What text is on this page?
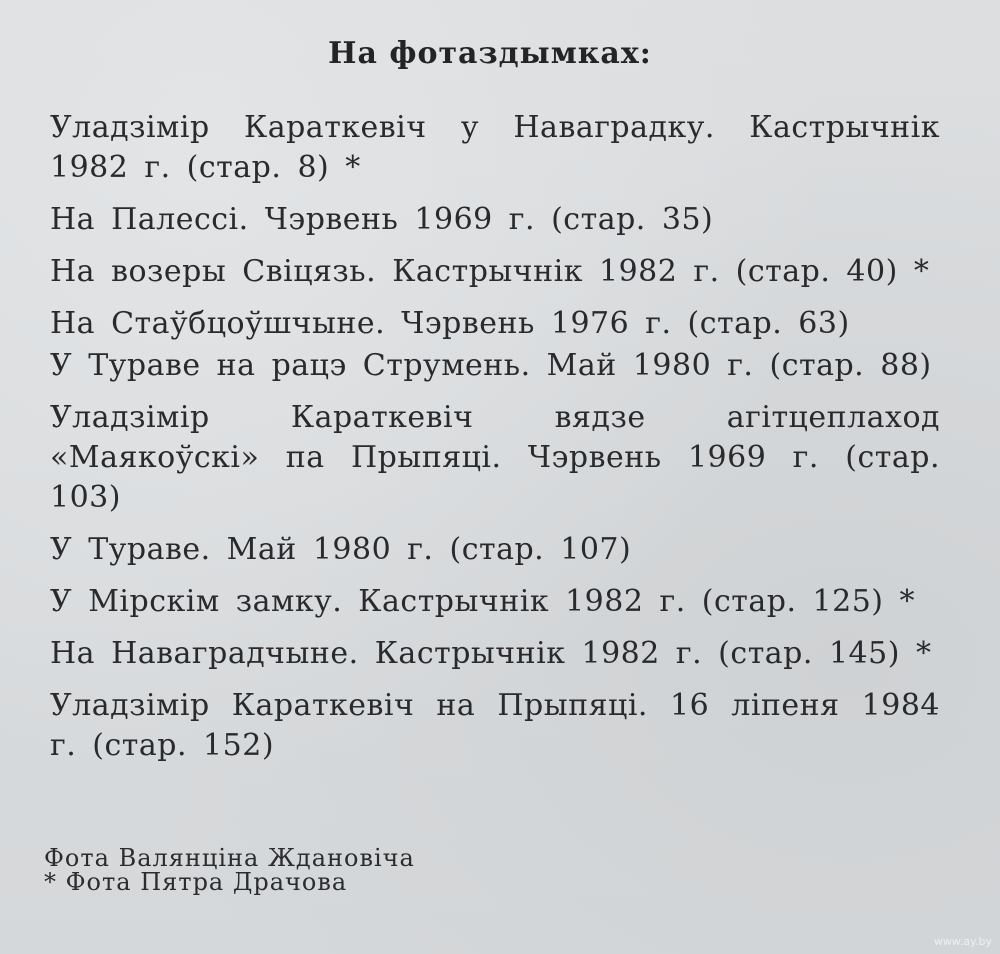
На фотаздымках:
Уладзімір Караткевіч у Наваградку. Кастрычнік 1982 г. (стар. 8) *
На Палессі. Чэрвень 1969 г. (стар. 35)
На возеры Свіцязь. Кастрычнік 1982 г. (стар. 40) *
На Стаўбцоўшчыне. Чэрвень 1976 г. (стар. 63)
У Тураве на рацэ Струмень. Май 1980 г. (стар. 88)
Уладзімір Караткевіч вядзе агітцеплаход «Маякоўскі» па Прыпяці. Чэрвень 1969 г. (стар. 103)
У Тураве. Май 1980 г. (стар. 107)
У Мірскім замку. Кастрычнік 1982 г. (стар. 125) *
На Наваградчыне. Кастрычнік 1982 г. (стар. 145) *
Уладзімір Караткевіч на Прыпяці. 16 ліпеня 1984 г. (стар. 152)
Фота Валянціна Ждановіча
* Фота Пятра Драчова
www.ay.by
